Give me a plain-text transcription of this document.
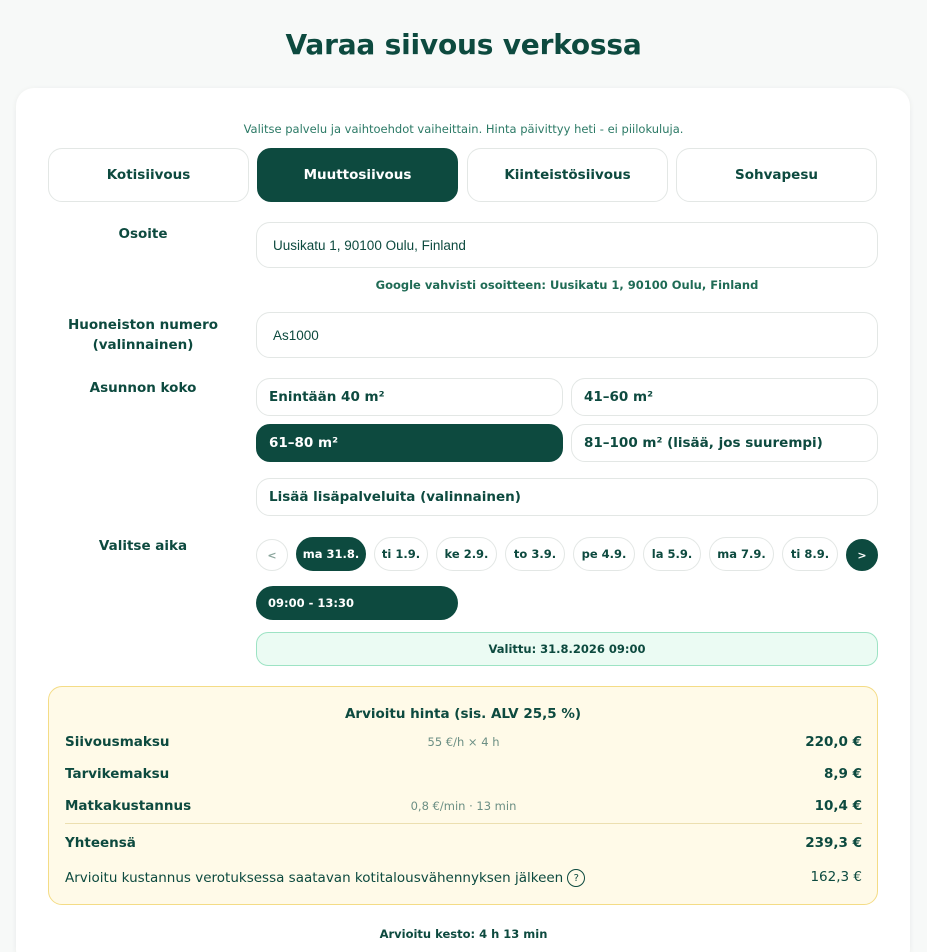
Varaa siivous verkossa
Valitse palvelu ja vaihtoehdot vaiheittain. Hinta päivittyy heti - ei piilokuluja.
Kotisiivous	Muuttosiivous	Kiinteistösiivous	Sohvapesu
Osoite
Uusikatu 1, 90100 Oulu, Finland
Google vahvisti osoitteen: Uusikatu 1, 90100 Oulu, Finland
Huoneiston numero
(valinnainen)
As1000
Asunnon koko
Enintään 40 m²	41–60 m²
61–80 m²	81–100 m² (lisää, jos suurempi)
Lisää lisäpalveluita (valinnainen)
Valitse aika
<	ma 31.8.	ti 1.9.	ke 2.9.	to 3.9.	pe 4.9.	la 5.9.	ma 7.9.	ti 8.9.	>
09:00 - 13:30
Valittu: 31.8.2026 09:00
Arvioitu hinta (sis. ALV 25,5 %)
55 €/h × 4 h
Siivousmaksu	220,0 €
Tarvikemaksu	8,9 €
0,8 €/min · 13 min
Matkakustannus	10,4 €
Yhteensä	239,3 €
Arvioitu kustannus verotuksessa saatavan kotitalousvähennyksen jälkeen ?	162,3 €
Arvioitu kesto: 4 h 13 min
